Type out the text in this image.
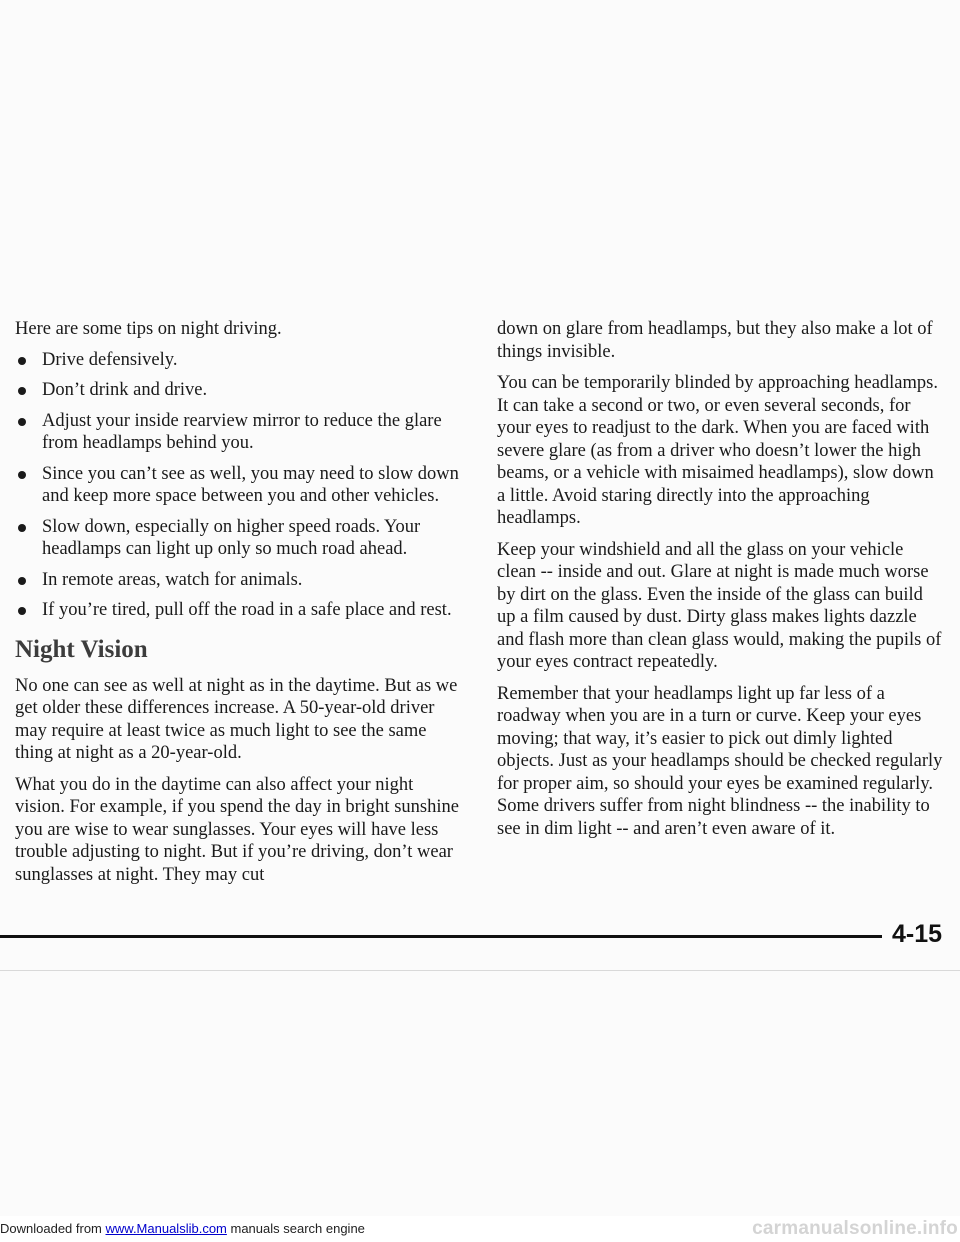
Here are some tips on night driving.

Drive defensively.
Don’t drink and drive.
Adjust your inside rearview mirror to reduce the glare from headlamps behind you.
Since you can’t see as well, you may need to slow down and keep more space between you and other vehicles.
Slow down, especially on higher speed roads. Your headlamps can light up only so much road ahead.
In remote areas, watch for animals.
If you’re tired, pull off the road in a safe place and rest.
Night Vision

No one can see as well at night as in the daytime. But as we get older these differences increase. A 50-year-old driver may require at least twice as much light to see the same thing at night as a 20-year-old.

What you do in the daytime can also affect your night vision. For example, if you spend the day in bright sunshine you are wise to wear sunglasses. Your eyes will have less trouble adjusting to night. But if you’re driving, don’t wear sunglasses at night. They may cut

down on glare from headlamps, but they also make a lot of things invisible.

You can be temporarily blinded by approaching headlamps. It can take a second or two, or even several seconds, for your eyes to readjust to the dark. When you are faced with severe glare (as from a driver who doesn’t lower the high beams, or a vehicle with misaimed headlamps), slow down a little. Avoid staring directly into the approaching headlamps.

Keep your windshield and all the glass on your vehicle clean -- inside and out. Glare at night is made much worse by dirt on the glass. Even the inside of the glass can build up a film caused by dust. Dirty glass makes lights dazzle and flash more than clean glass would, making the pupils of your eyes contract repeatedly.

Remember that your headlamps light up far less of a roadway when you are in a turn or curve. Keep your eyes moving; that way, it’s easier to pick out dimly lighted objects. Just as your headlamps should be checked regularly for proper aim, so should your eyes be examined regularly. Some drivers suffer from night blindness -- the inability to see in dim light -- and aren’t even aware of it.

4-15
Downloaded from www.Manualslib.com manuals search engine	carmanualsonline.info
